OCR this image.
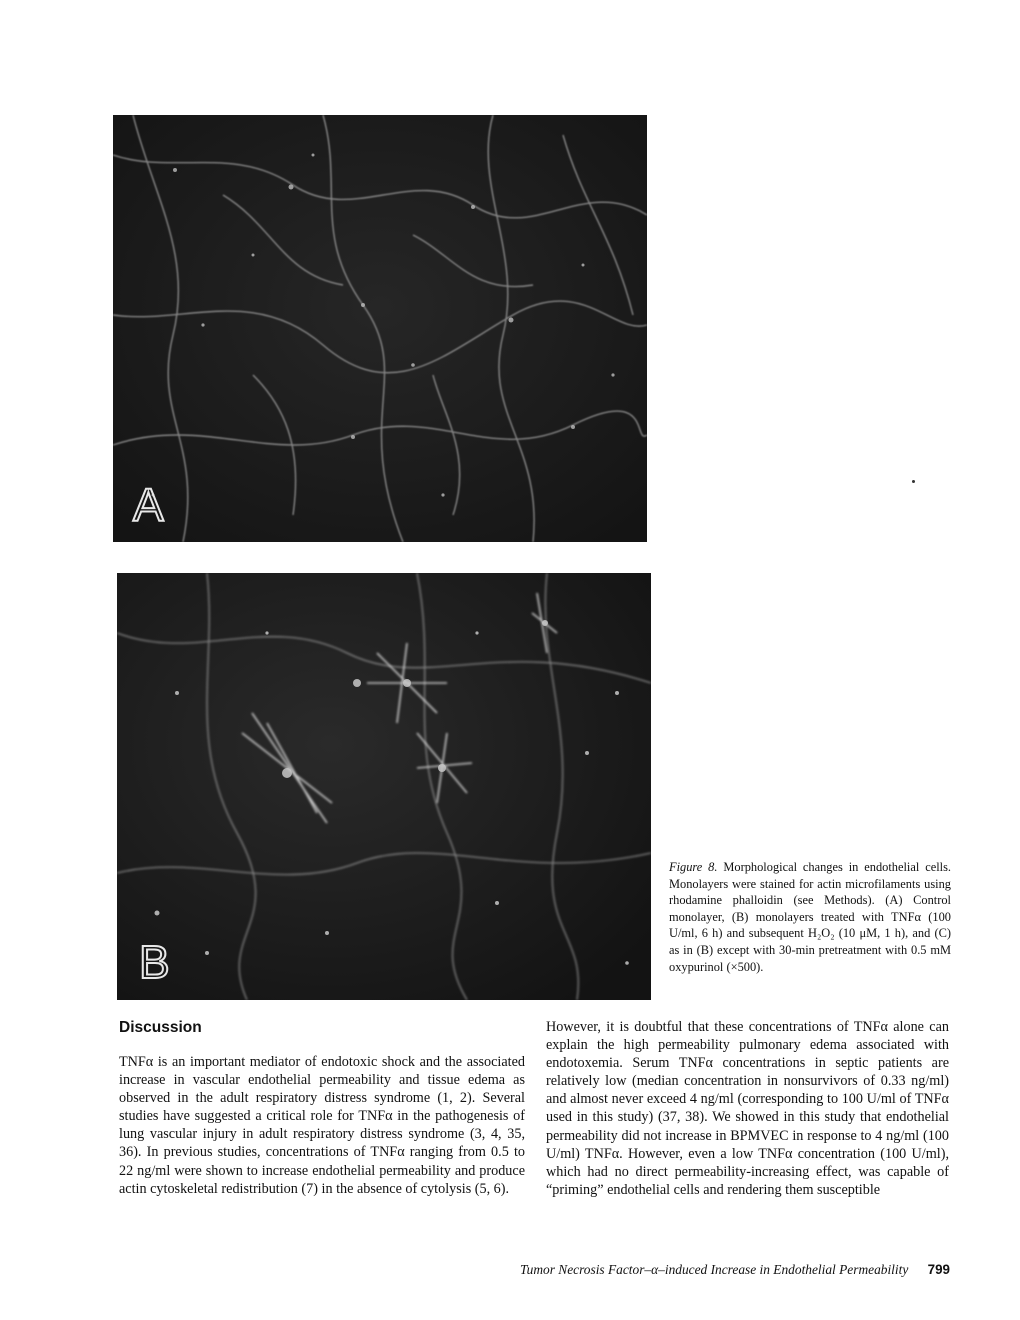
A
B
Figure 8. Morphological changes in endothelial cells. Monolayers were stained for actin microfilaments using rhodamine phalloidin (see Methods). (A) Control monolayer, (B) monolayers treated with TNFα (100 U/ml, 6 h) and subsequent H₂O₂ (10 μM, 1 h), and (C) as in (B) except with 30-min pretreatment with 0.5 mM oxypurinol (×500).
Discussion
TNFα is an important mediator of endotoxic shock and the associated increase in vascular endothelial permeability and tissue edema as observed in the adult respiratory distress syndrome (1, 2). Several studies have suggested a critical role for TNFα in the pathogenesis of lung vascular injury in adult respiratory distress syndrome (3, 4, 35, 36). In previous studies, concentrations of TNFα ranging from 0.5 to 22 ng/ml were shown to increase endothelial permeability and produce actin cytoskeletal redistribution (7) in the absence of cytolysis (5, 6).
However, it is doubtful that these concentrations of TNFα alone can explain the high permeability pulmonary edema associated with endotoxemia. Serum TNFα concentrations in septic patients are relatively low (median concentration in nonsurvivors of 0.33 ng/ml) and almost never exceed 4 ng/ml (corresponding to 100 U/ml of TNFα used in this study) (37, 38). We showed in this study that endothelial permeability did not increase in BPMVEC in response to 4 ng/ml (100 U/ml) TNFα. However, even a low TNFα concentration (100 U/ml), which had no direct permeability-increasing effect, was capable of “priming” endothelial cells and rendering them susceptible
Tumor Necrosis Factor–α–induced Increase in Endothelial Permeability 799
